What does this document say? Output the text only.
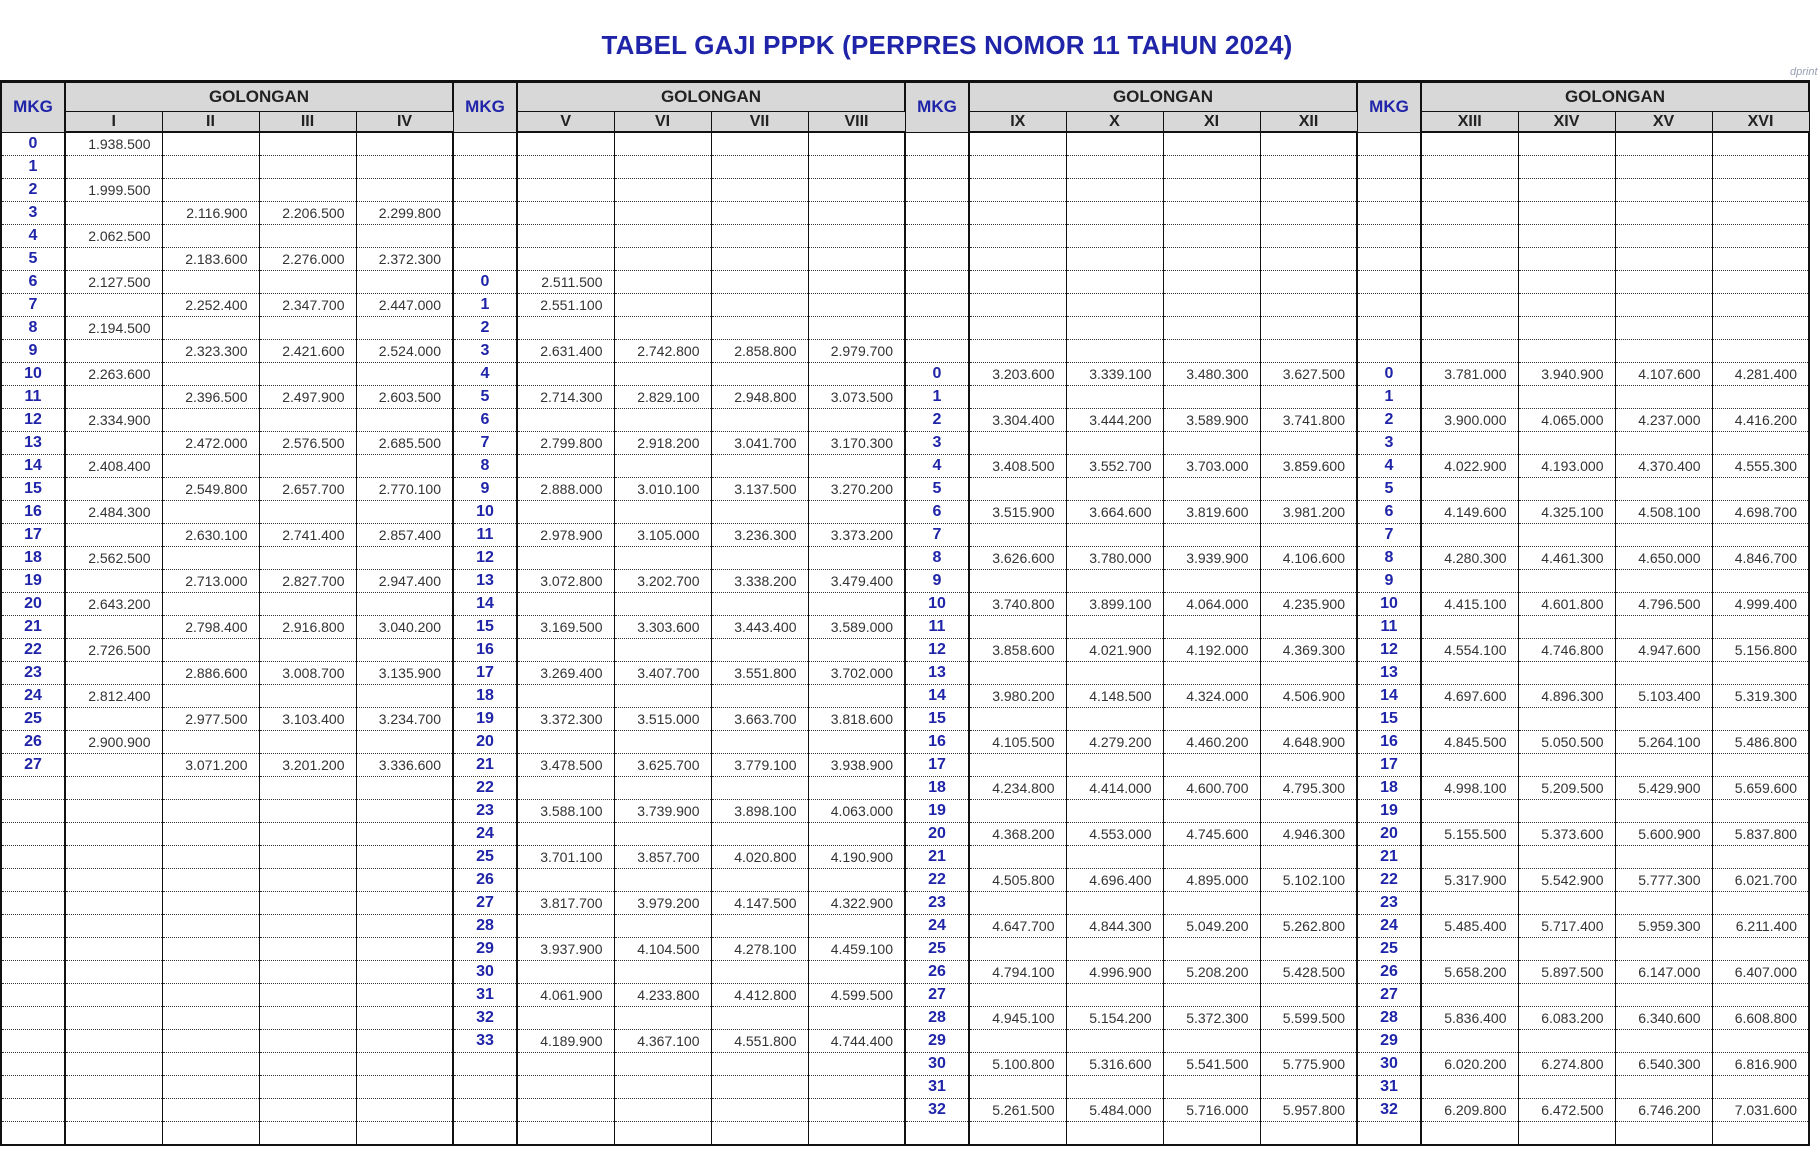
TABEL GAJI PPPK (PERPRES NOMOR 11 TAHUN 2024)
dprint
MKG	GOLONGAN				MKG	GOLONGAN				MKG	GOLONGAN				MKG	GOLONGAN			
	I	II	III	IV		V	VI	VII	VIII		IX	X	XI	XII		XIII	XIV	XV	XVI
0	1.938.500																		
1																			
2	1.999.500																		
3		2.116.900	2.206.500	2.299.800															
4	2.062.500																		
5		2.183.600	2.276.000	2.372.300															
6	2.127.500				0	2.511.500													
7		2.252.400	2.347.700	2.447.000	1	2.551.100													
8	2.194.500				2														
9		2.323.300	2.421.600	2.524.000	3	2.631.400	2.742.800	2.858.800	2.979.700										
10	2.263.600				4					0	3.203.600	3.339.100	3.480.300	3.627.500	0	3.781.000	3.940.900	4.107.600	4.281.400
11		2.396.500	2.497.900	2.603.500	5	2.714.300	2.829.100	2.948.800	3.073.500	1					1				
12	2.334.900				6					2	3.304.400	3.444.200	3.589.900	3.741.800	2	3.900.000	4.065.000	4.237.000	4.416.200
13		2.472.000	2.576.500	2.685.500	7	2.799.800	2.918.200	3.041.700	3.170.300	3					3				
14	2.408.400				8					4	3.408.500	3.552.700	3.703.000	3.859.600	4	4.022.900	4.193.000	4.370.400	4.555.300
15		2.549.800	2.657.700	2.770.100	9	2.888.000	3.010.100	3.137.500	3.270.200	5					5				
16	2.484.300				10					6	3.515.900	3.664.600	3.819.600	3.981.200	6	4.149.600	4.325.100	4.508.100	4.698.700
17		2.630.100	2.741.400	2.857.400	11	2.978.900	3.105.000	3.236.300	3.373.200	7					7				
18	2.562.500				12					8	3.626.600	3.780.000	3.939.900	4.106.600	8	4.280.300	4.461.300	4.650.000	4.846.700
19		2.713.000	2.827.700	2.947.400	13	3.072.800	3.202.700	3.338.200	3.479.400	9					9				
20	2.643.200				14					10	3.740.800	3.899.100	4.064.000	4.235.900	10	4.415.100	4.601.800	4.796.500	4.999.400
21		2.798.400	2.916.800	3.040.200	15	3.169.500	3.303.600	3.443.400	3.589.000	11					11				
22	2.726.500				16					12	3.858.600	4.021.900	4.192.000	4.369.300	12	4.554.100	4.746.800	4.947.600	5.156.800
23		2.886.600	3.008.700	3.135.900	17	3.269.400	3.407.700	3.551.800	3.702.000	13					13				
24	2.812.400				18					14	3.980.200	4.148.500	4.324.000	4.506.900	14	4.697.600	4.896.300	5.103.400	5.319.300
25		2.977.500	3.103.400	3.234.700	19	3.372.300	3.515.000	3.663.700	3.818.600	15					15				
26	2.900.900				20					16	4.105.500	4.279.200	4.460.200	4.648.900	16	4.845.500	5.050.500	5.264.100	5.486.800
27		3.071.200	3.201.200	3.336.600	21	3.478.500	3.625.700	3.779.100	3.938.900	17					17				
					22					18	4.234.800	4.414.000	4.600.700	4.795.300	18	4.998.100	5.209.500	5.429.900	5.659.600
					23	3.588.100	3.739.900	3.898.100	4.063.000	19					19				
					24					20	4.368.200	4.553.000	4.745.600	4.946.300	20	5.155.500	5.373.600	5.600.900	5.837.800
					25	3.701.100	3.857.700	4.020.800	4.190.900	21					21				
					26					22	4.505.800	4.696.400	4.895.000	5.102.100	22	5.317.900	5.542.900	5.777.300	6.021.700
					27	3.817.700	3.979.200	4.147.500	4.322.900	23					23				
					28					24	4.647.700	4.844.300	5.049.200	5.262.800	24	5.485.400	5.717.400	5.959.300	6.211.400
					29	3.937.900	4.104.500	4.278.100	4.459.100	25					25				
					30					26	4.794.100	4.996.900	5.208.200	5.428.500	26	5.658.200	5.897.500	6.147.000	6.407.000
					31	4.061.900	4.233.800	4.412.800	4.599.500	27					27				
					32					28	4.945.100	5.154.200	5.372.300	5.599.500	28	5.836.400	6.083.200	6.340.600	6.608.800
					33	4.189.900	4.367.100	4.551.800	4.744.400	29					29				
										30	5.100.800	5.316.600	5.541.500	5.775.900	30	6.020.200	6.274.800	6.540.300	6.816.900
										31					31				
										32	5.261.500	5.484.000	5.716.000	5.957.800	32	6.209.800	6.472.500	6.746.200	7.031.600
